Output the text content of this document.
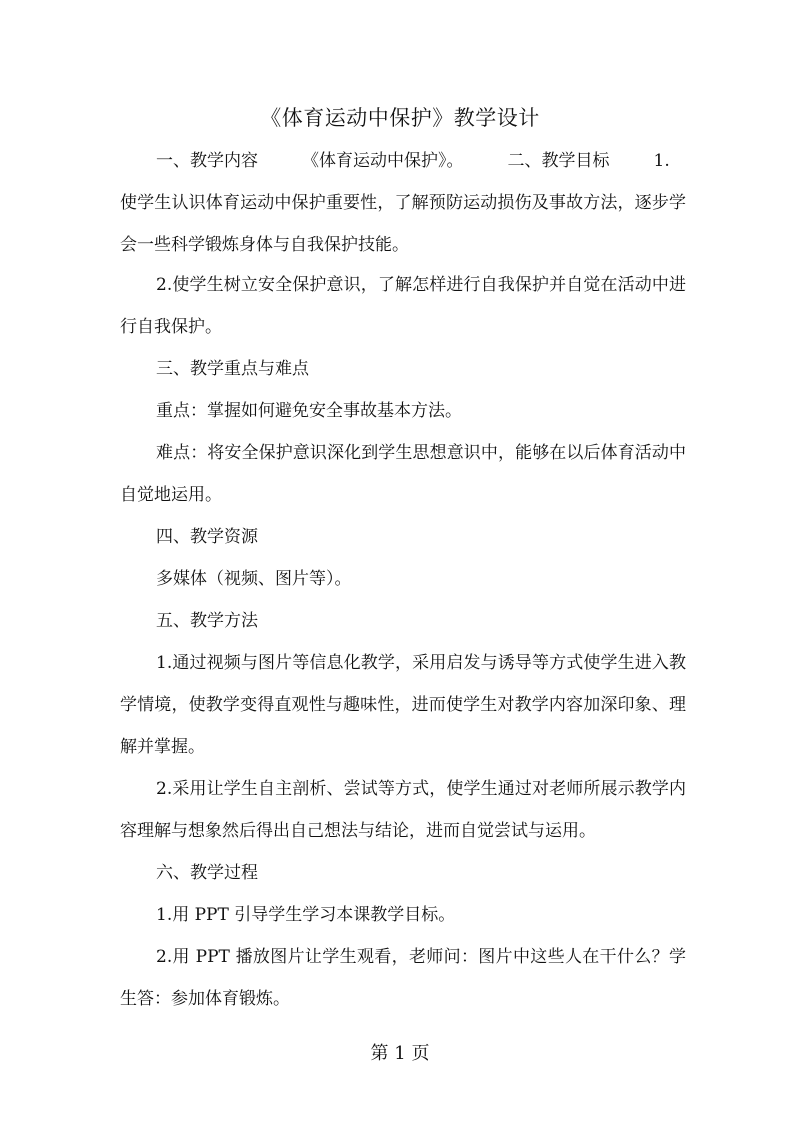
《体育运动中保护》教学设计
一、教学内容	《体育运动中保护》。	二、教学目标	1.

使学生认识体育运动中保护重要性，了解预防运动损伤及事故方法，逐步学会一些科学锻炼身体与自我保护技能。

2.使学生树立安全保护意识，了解怎样进行自我保护并自觉在活动中进行自我保护。

三、教学重点与难点

重点：掌握如何避免安全事故基本方法。

难点：将安全保护意识深化到学生思想意识中，能够在以后体育活动中自觉地运用。

四、教学资源

多媒体（视频、图片等）。

五、教学方法

1.通过视频与图片等信息化教学，采用启发与诱导等方式使学生进入教学情境，使教学变得直观性与趣味性，进而使学生对教学内容加深印象、理解并掌握。

2.采用让学生自主剖析、尝试等方式，使学生通过对老师所展示教学内容理解与想象然后得出自己想法与结论，进而自觉尝试与运用。

六、教学过程

1.用 PPT 引导学生学习本课教学目标。

2.用 PPT 播放图片让学生观看，老师问：图片中这些人在干什么？学生答：参加体育锻炼。

第 1 页
